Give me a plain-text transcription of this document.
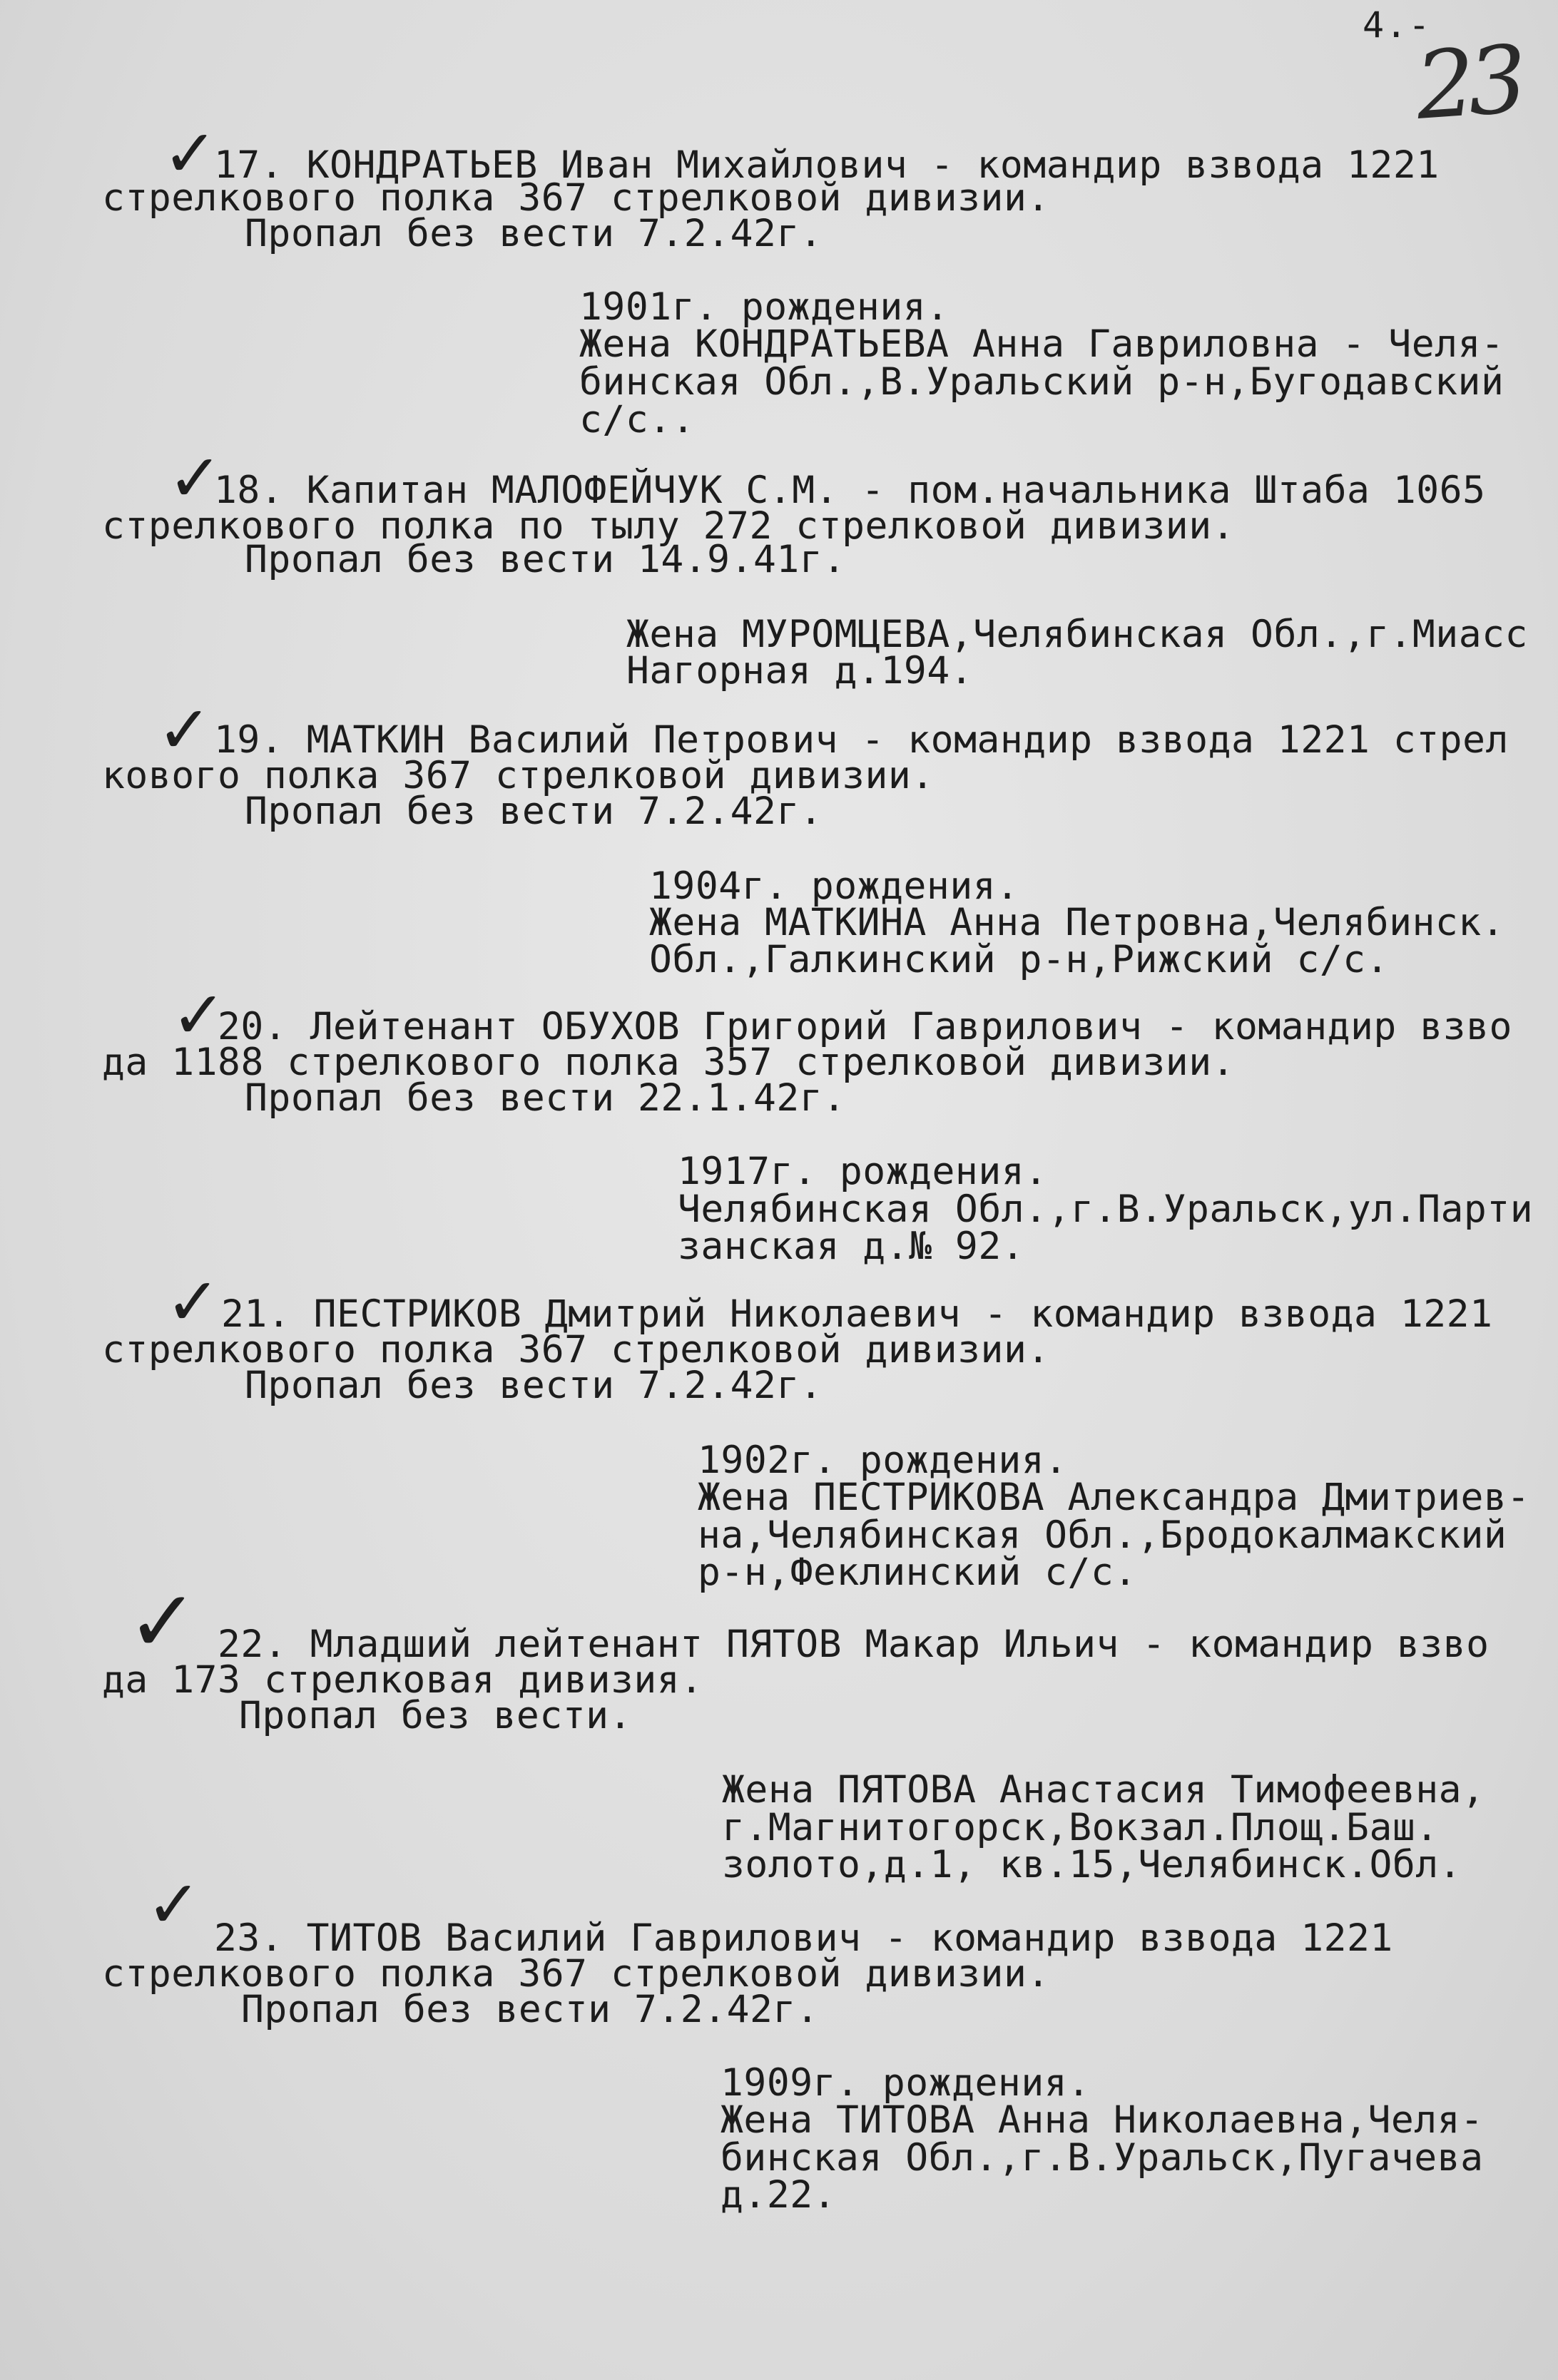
4.-
23
✓
17. КОНДРАТЬЕВ Иван Михайлович - командир взвода 1221
стрелкового полка 367 стрелковой дивизии.
Пропал без вести 7.2.42г.
1901г. рождения.
Жена КОНДРАТЬЕВА Анна Гавриловна - Челя-
бинская Обл.,В.Уральский р-н,Бугодавский
с/с..
✓
18. Капитан МАЛОФЕЙЧУК С.М. - пом.начальника Штаба 1065
стрелкового полка по тылу 272 стрелковой дивизии.
Пропал без вести 14.9.41г.
Жена МУРОМЦЕВА,Челябинская Обл.,г.Миасс
Нагорная д.194.
✓ 19. МАТКИН Василий Петрович - командир взвода 1221 стрел
кового полка 367 стрелковой дивизии.
Пропал без вести 7.2.42г.
1904г. рождения.
Жена МАТКИНА Анна Петровна,Челябинск.
Обл.,Галкинский р-н,Рижский с/с.
✓
20. Лейтенант ОБУХОВ Григорий Гаврилович - командир взво
да 1188 стрелкового полка 357 стрелковой дивизии.
Пропал без вести 22.1.42г.
1917г. рождения.
Челябинская Обл.,г.В.Уральск,ул.Парти
занская д.№ 92.
✓ 21. ПЕСТРИКОВ Дмитрий Николаевич - командир взвода 1221
стрелкового полка 367 стрелковой дивизии.
Пропал без вести 7.2.42г.
1902г. рождения.
Жена ПЕСТРИКОВА Александра Дмитриев-
на,Челябинская Обл.,Бродокалмакский
р-н,Феклинский с/с.
✓ 22. Младший лейтенант ПЯТОВ Макар Ильич - командир взво
да 173 стрелковая дивизия.
Пропал без вести.
Жена ПЯТОВА Анастасия Тимофеевна,
г.Магнитогорск,Вокзал.Площ.Баш.
золото,д.1, кв.15,Челябинск.Обл.
✓ 23. ТИТОВ Василий Гаврилович - командир взвода 1221
стрелкового полка 367 стрелковой дивизии.
Пропал без вести 7.2.42г.
1909г. рождения.
Жена ТИТОВА Анна Николаевна,Челя-
бинская Обл.,г.В.Уральск,Пугачева
д.22.
